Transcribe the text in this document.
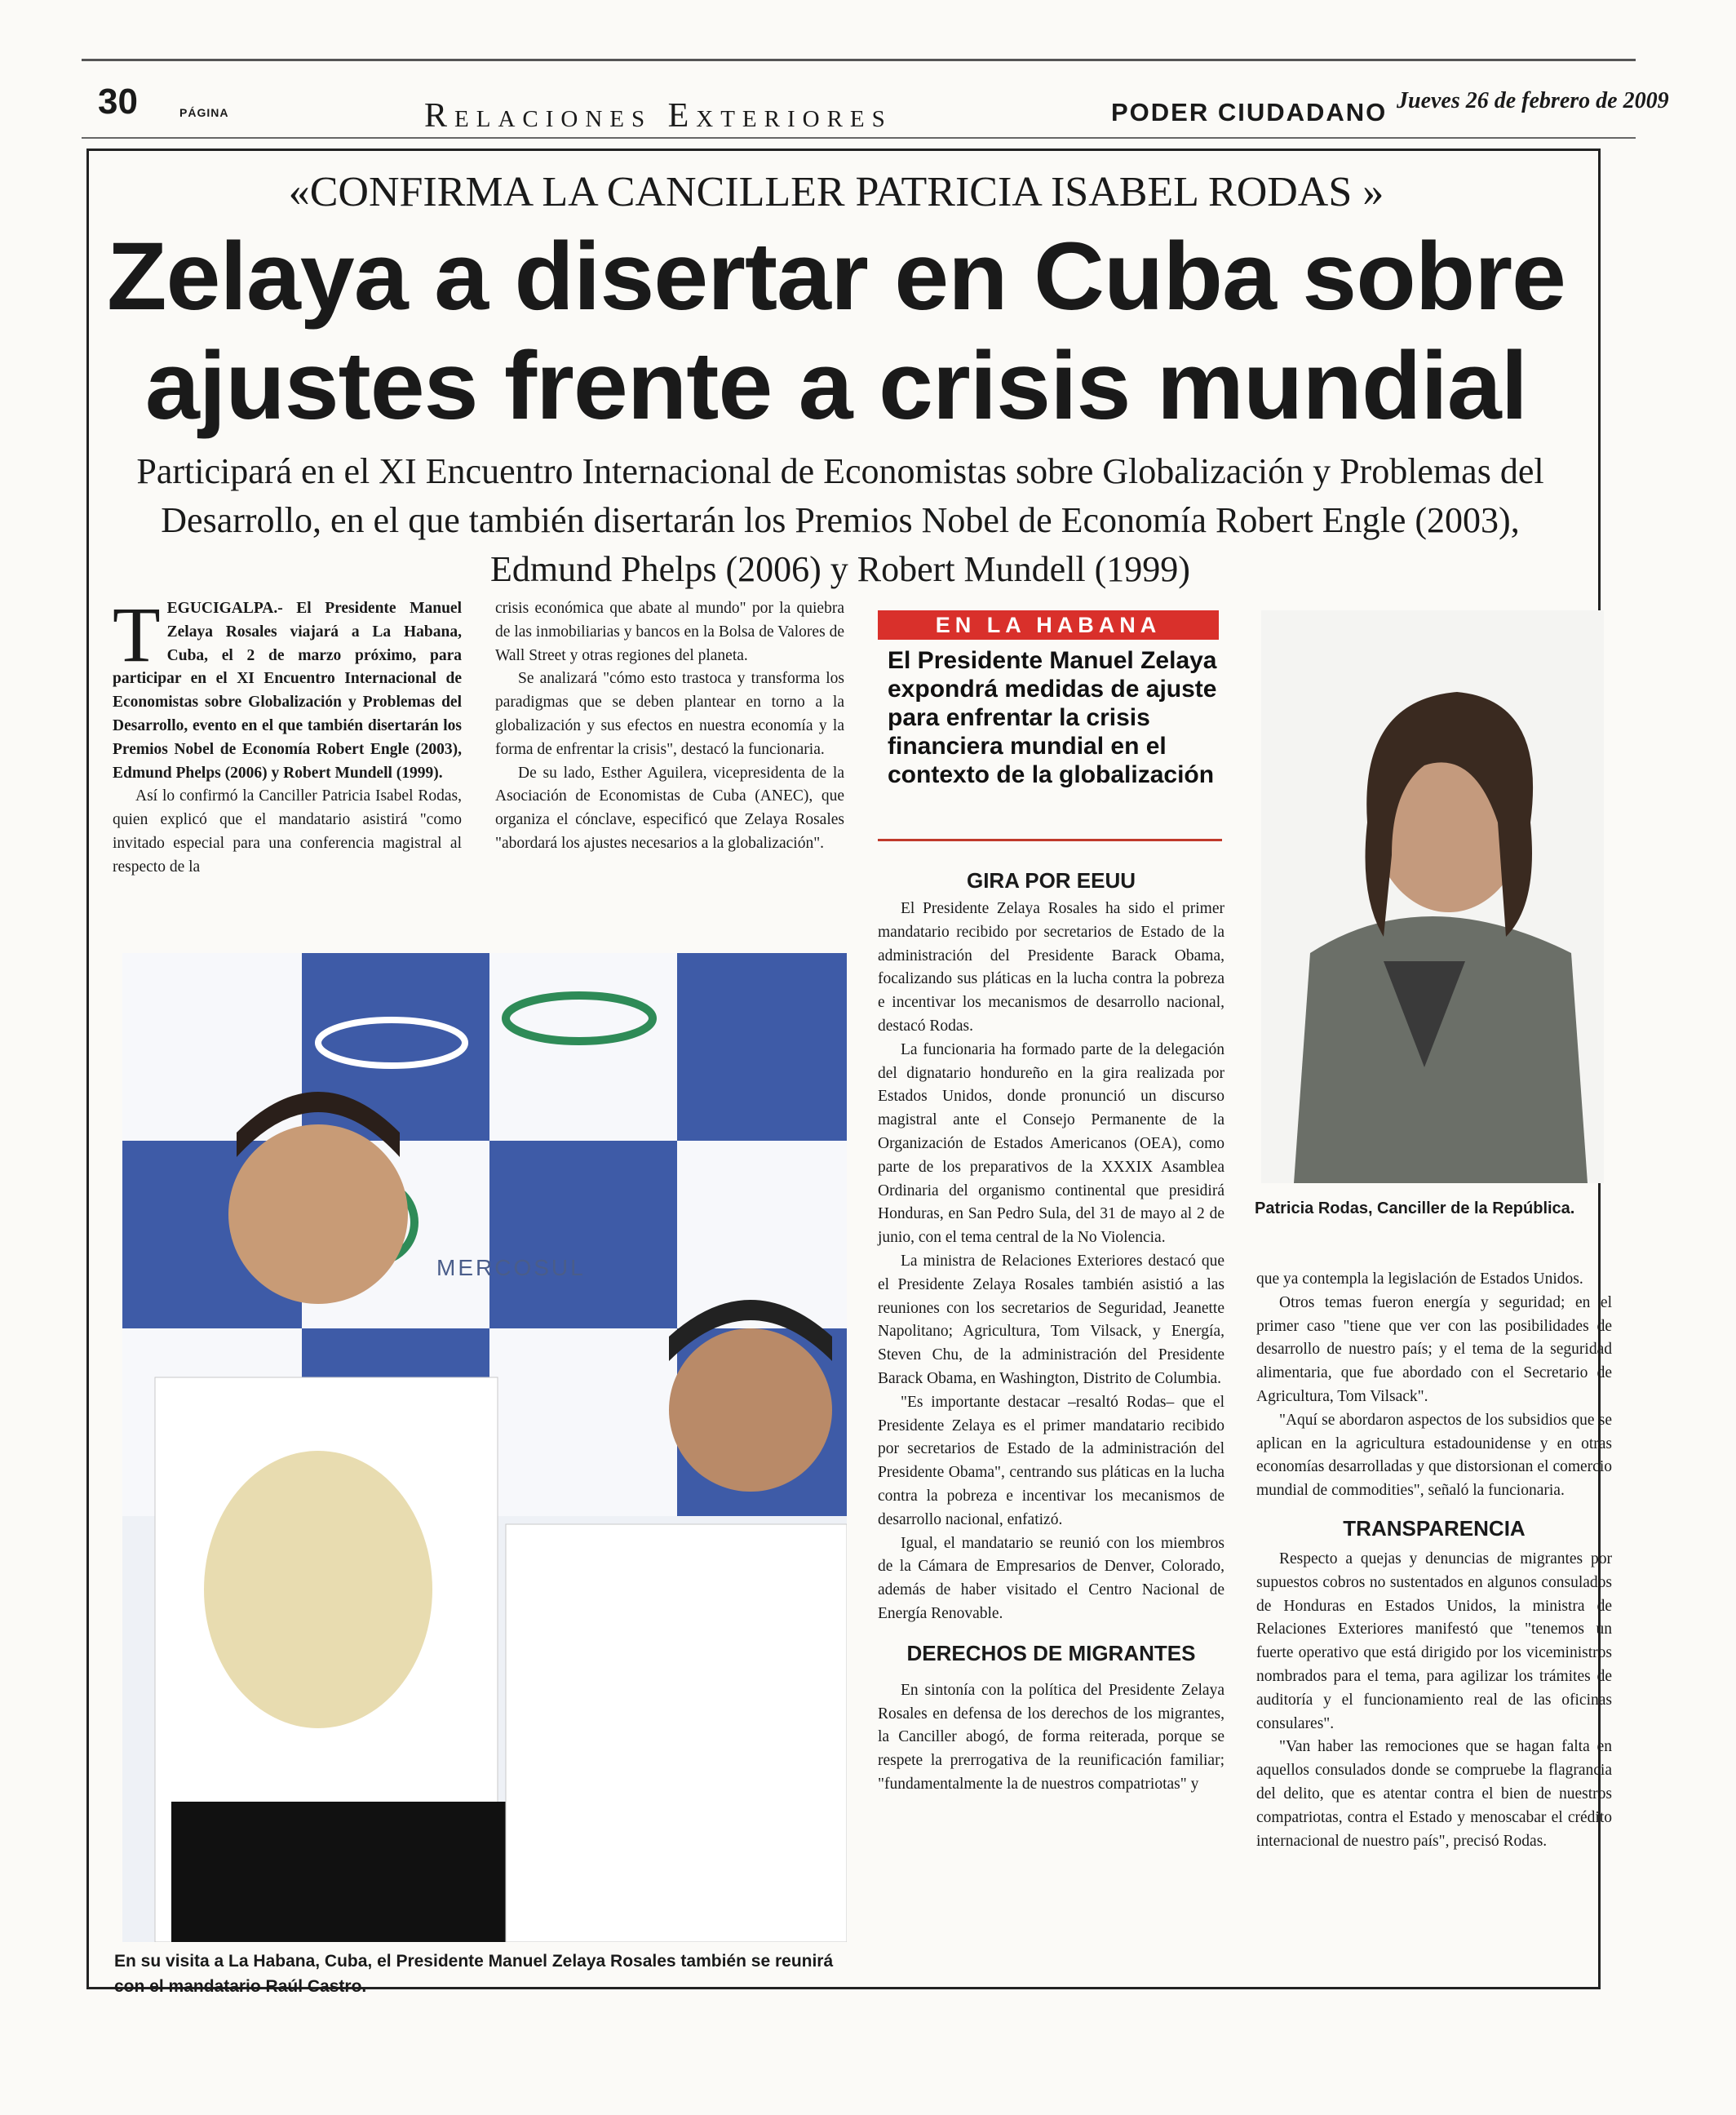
30	PÁGINA	Relaciones Exteriores	PODER CIUDADANO Jueves 26 de febrero de 2009
«CONFIRMA LA CANCILLER PATRICIA ISABEL RODAS »
Zelaya a disertar en Cuba sobre
ajustes frente a crisis mundial
Participará en el XI Encuentro Internacional de Economistas sobre Globalización y Problemas del
Desarrollo, en el que también disertarán los Premios Nobel de Economía Robert Engle (2003),
Edmund Phelps (2006) y Robert Mundell (1999)

TEGUCIGALPA.- El Presidente Manuel Zelaya Rosales viajará a La Habana, Cuba, el 2 de marzo próximo, para participar en el XI Encuentro Internacional de Economistas sobre Globalización y Problemas del Desarrollo, evento en el que también disertarán los Premios Nobel de Economía Robert Engle (2003), Edmund Phelps (2006) y Robert Mundell (1999).

Así lo confirmó la Canciller Patricia Isabel Rodas, quien explicó que el mandatario asistirá "como invitado especial para una conferencia magistral al respecto de la

crisis económica que abate al mundo" por la quiebra de las inmobiliarias y bancos en la Bolsa de Valores de Wall Street y otras regiones del planeta.

Se analizará "cómo esto trastoca y transforma los paradigmas que se deben plantear en torno a la globalización y sus efectos en nuestra economía y la forma de enfrentar la crisis", destacó la funcionaria.

De su lado, Esther Aguilera, vicepresidenta de la Asociación de Economistas de Cuba (ANEC), que organiza el cónclave, especificó que Zelaya Rosales "abordará los ajustes necesarios a la globalización".

EN LA HABANA
El Presidente Manuel Zelaya expondrá medidas de ajuste para enfrentar la crisis financiera mundial en el contexto de la globalización
GIRA POR EEUU

El Presidente Zelaya Rosales ha sido el primer mandatario recibido por secretarios de Estado de la administración del Presidente Barack Obama, focalizando sus pláticas en la lucha contra la pobreza e incentivar los mecanismos de desarrollo nacional, destacó Rodas.

La funcionaria ha formado parte de la delegación del dignatario hondureño en la gira realizada por Estados Unidos, donde pronunció un discurso magistral ante el Consejo Permanente de la Organización de Estados Americanos (OEA), como parte de los preparativos de la XXXIX Asamblea Ordinaria del organismo continental que presidirá Honduras, en San Pedro Sula, del 31 de mayo al 2 de junio, con el tema central de la No Violencia.

La ministra de Relaciones Exteriores destacó que el Presidente Zelaya Rosales también asistió a las reuniones con los secretarios de Seguridad, Jeanette Napolitano; Agricultura, Tom Vilsack, y Energía, Steven Chu, de la administración del Presidente Barack Obama, en Washington, Distrito de Columbia.

"Es importante destacar –resaltó Rodas– que el Presidente Zelaya es el primer mandatario recibido por secretarios de Estado de la administración del Presidente Obama", centrando sus pláticas en la lucha contra la pobreza e incentivar los mecanismos de desarrollo nacional, enfatizó.

Igual, el mandatario se reunió con los miembros de la Cámara de Empresarios de Denver, Colorado, además de haber visitado el Centro Nacional de Energía Renovable.

DERECHOS DE MIGRANTES

En sintonía con la política del Presidente Zelaya Rosales en defensa de los derechos de los migrantes, la Canciller abogó, de forma reiterada, porque se respete la prerrogativa de la reunificación familiar; "fundamentalmente la de nuestros compatriotas" y

que ya contempla la legislación de Estados Unidos.

Otros temas fueron energía y seguridad; en el primer caso "tiene que ver con las posibilidades de desarrollo de nuestro país; y el tema de la seguridad alimentaria, que fue abordado con el Secretario de Agricultura, Tom Vilsack".

"Aquí se abordaron aspectos de los subsidios que se aplican en la agricultura estadounidense y en otras economías desarrolladas y que distorsionan el comercio mundial de commodities", señaló la funcionaria.

TRANSPARENCIA

Respecto a quejas y denuncias de migrantes por supuestos cobros no sustentados en algunos consulados de Honduras en Estados Unidos, la ministra de Relaciones Exteriores manifestó que "tenemos un fuerte operativo que está dirigido por los viceministros nombrados para el tema, para agilizar los trámites de auditoría y el funcionamiento real de las oficinas consulares".

"Van haber las remociones que se hagan falta en aquellos consulados donde se compruebe la flagrancia del delito, que es atentar contra el bien de nuestros compatriotas, contra el Estado y menoscabar el crédito internacional de nuestro país", precisó Rodas.

MERCOSUL
En su visita a La Habana, Cuba, el Presidente Manuel Zelaya Rosales también se reunirá con el mandatario Raúl Castro.
Patricia Rodas, Canciller de la República.
